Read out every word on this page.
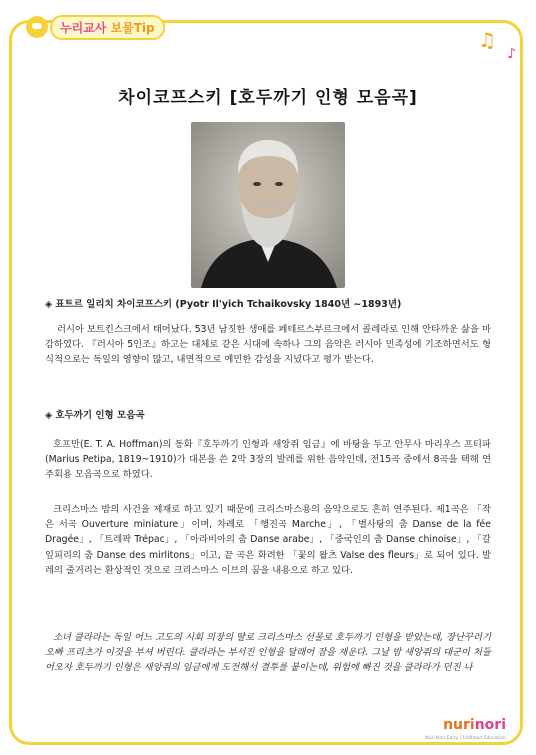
누리교사 보물Tip
♫
♪
차이코프스키 [호두까기 인형 모음곡]
◈ 표트르 일리치 차이코프스키 (Pyotr Il'yich Tchaikovsky 1840년 ~1893년)
러시아 보트킨스크에서 태어났다. 53년 남짓한 생애를 페테르스부르크에서 콜레라로 인해 안타까운 삶을 마감하였다. 『러시아 5인조』하고는 대체로 같은 시대에 속하나 그의 음악은 러시아 민족성에 기조하면서도 형식적으로는 독일의 영향이 많고, 내면적으로 예민한 감성을 지녔다고 평가 받는다.
◈ 호두까기 인형 모음곡
호프만(E. T. A. Hoffman)의 동화『호두까기 인형과 새앙쥐 임금』에 바탕을 두고 안무사 마리우스 프티파(Marius Petipa, 1819~1910)가 대본을 쓴 2막 3장의 발레를 위한 음악인데, 전15곡 중에서 8곡을 택해 연주회용 모음곡으로 하였다.
크리스마스 밤의 사건을 제재로 하고 있기 때문에 크리스마스용의 음악으로도 흔히 연주된다. 제1곡은 「작은 서곡 Ouverture miniature」이며, 차례로 「행진곡 Marche」, 「별사탕의 춤 Danse de la fée Dragée」, 「트레팍 Trépac」, 「아라비아의 춤 Danse arabe」, 「중국인의 춤 Danse chinoise」, 「갈잎피리의 춤 Danse des mirlitons」이고, 끝 곡은 화려한 「꽃의 왈츠 Valse des fleurs」로 되어 있다. 발레의 줄거리는 환상적인 것으로 크리스마스 이브의 꿈을 내용으로 하고 있다.
소녀 클라라는 독일 어느 고도의 시회 의장의 딸로 크리스마스 선물로 호두까기 인형을 받았는데, 장난꾸러기 오빠 프리츠가 이것을 부셔 버린다. 클라라는 부서진 인형을 달래어 잠을 재운다. 그날 밤 새앙쥐의 대군이 처들어오자 호두까기 인형은 새앙쥐의 임금에게 도전해서 결투를 붙이는데, 위험에 빠진 것을 클라라가 던진 나
nurinori
Nuri Nori Early Childhood Education
